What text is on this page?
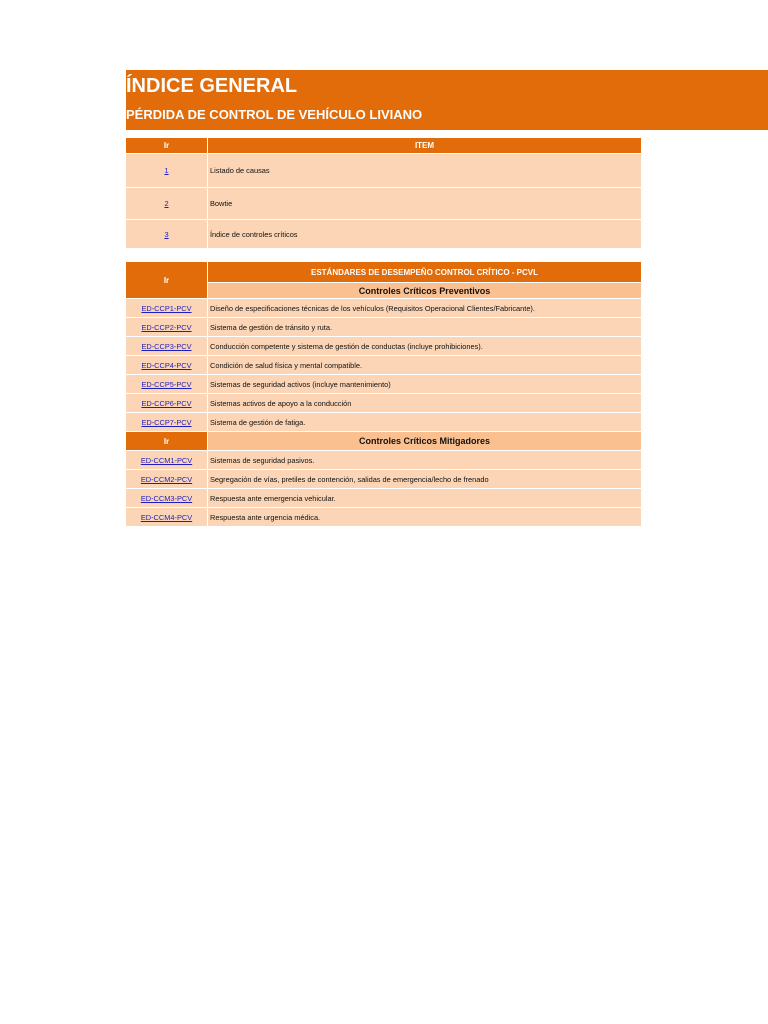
ÍNDICE GENERAL
PÉRDIDA DE CONTROL DE VEHÍCULO LIVIANO
Ir	ITEM
1	Listado de causas
2	Bowtie
3	Índice de controles críticos
Ir	ESTÁNDARES DE DESEMPEÑO CONTROL CRÍTICO - PCVL
	Controles Críticos Preventivos
ED-CCP1-PCV	Diseño de especificaciones técnicas de los vehículos (Requisitos Operacional Clientes/Fabricante).
ED-CCP2-PCV	Sistema de gestión de tránsito y ruta.
ED-CCP3-PCV	Conducción competente y sistema de gestión de conductas (incluye prohibiciones).
ED-CCP4-PCV	Condición de salud física y mental compatible.
ED-CCP5-PCV	Sistemas de seguridad activos (incluye mantenimiento)
ED-CCP6-PCV	Sistemas activos de apoyo a la conducción
ED-CCP7-PCV	Sistema de gestión de fatiga.
Ir	Controles Críticos Mitigadores
ED-CCM1-PCV	Sistemas de seguridad pasivos.
ED-CCM2-PCV	Segregación de vías, pretiles de contención, salidas de emergencia/lecho de frenado
ED-CCM3-PCV	Respuesta ante emergencia vehicular.
ED-CCM4-PCV	Respuesta ante urgencia médica.
